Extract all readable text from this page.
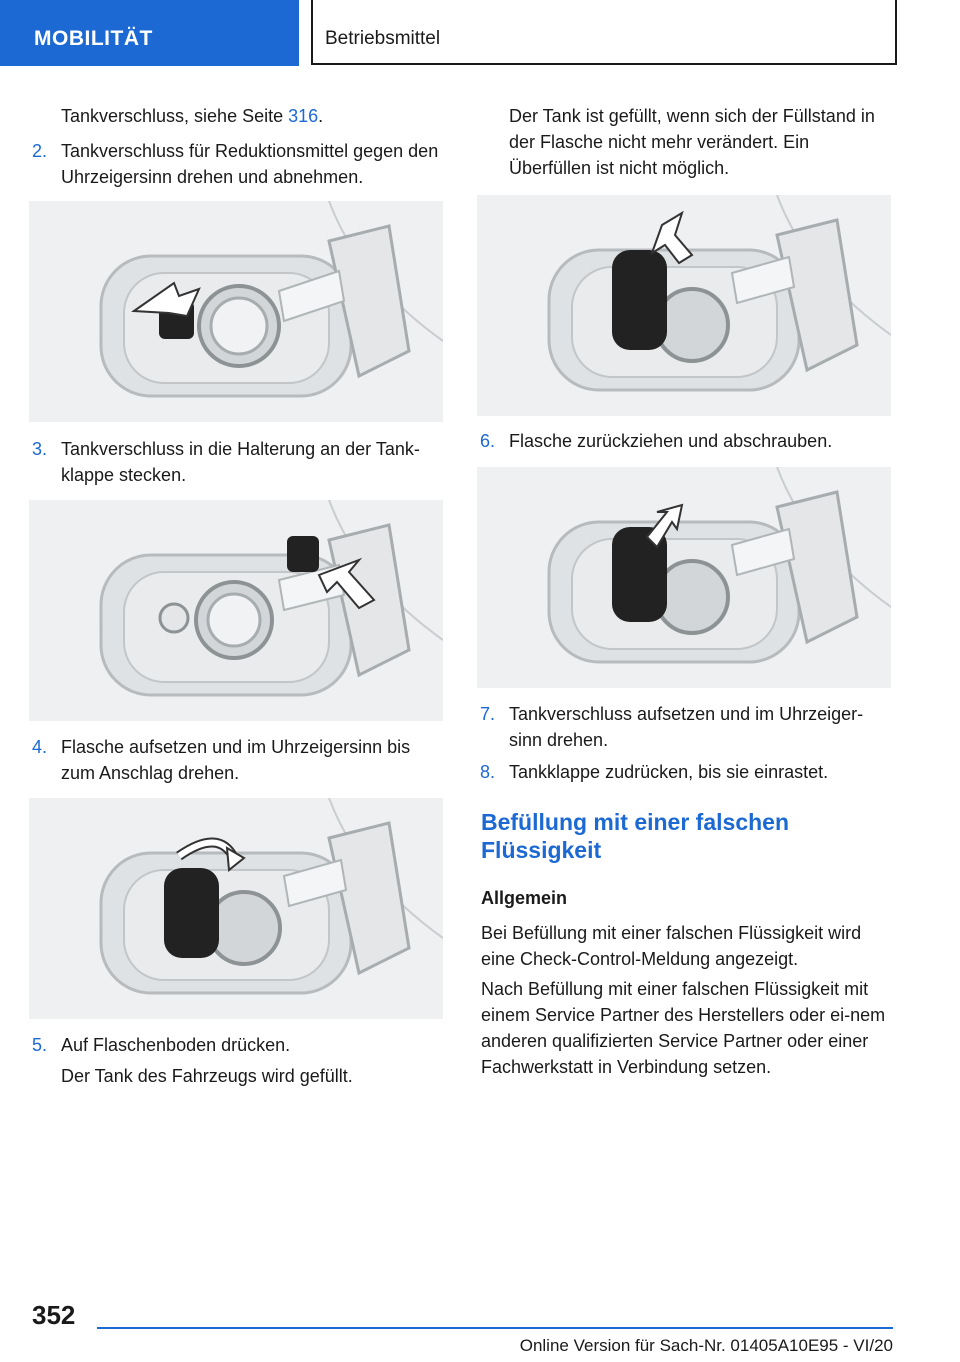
MOBILITÄT	Betriebsmittel
Tankverschluss, siehe Seite 316.
2. Tankverschluss für Reduktionsmittel gegen den Uhrzeigersinn drehen und abnehmen.
3. Tankverschluss in die Halterung an der Tank-klappe stecken.
4. Flasche aufsetzen und im Uhrzeigersinn bis zum Anschlag drehen.
5. Auf Flaschenboden drücken.
Der Tank des Fahrzeugs wird gefüllt.
Der Tank ist gefüllt, wenn sich der Füllstand in der Flasche nicht mehr verändert. Ein Überfüllen ist nicht möglich.
6. Flasche zurückziehen und abschrauben.
7. Tankverschluss aufsetzen und im Uhrzeiger-sinn drehen.
8. Tankklappe zudrücken, bis sie einrastet.
Befüllung mit einer falschen Flüssigkeit
Allgemein
Bei Befüllung mit einer falschen Flüssigkeit wird eine Check-Control-Meldung angezeigt.
Nach Befüllung mit einer falschen Flüssigkeit mit einem Service Partner des Herstellers oder ei-nem anderen qualifizierten Service Partner oder einer Fachwerkstatt in Verbindung setzen.
352
Online Version für Sach-Nr. 01405A10E95 - VI/20
